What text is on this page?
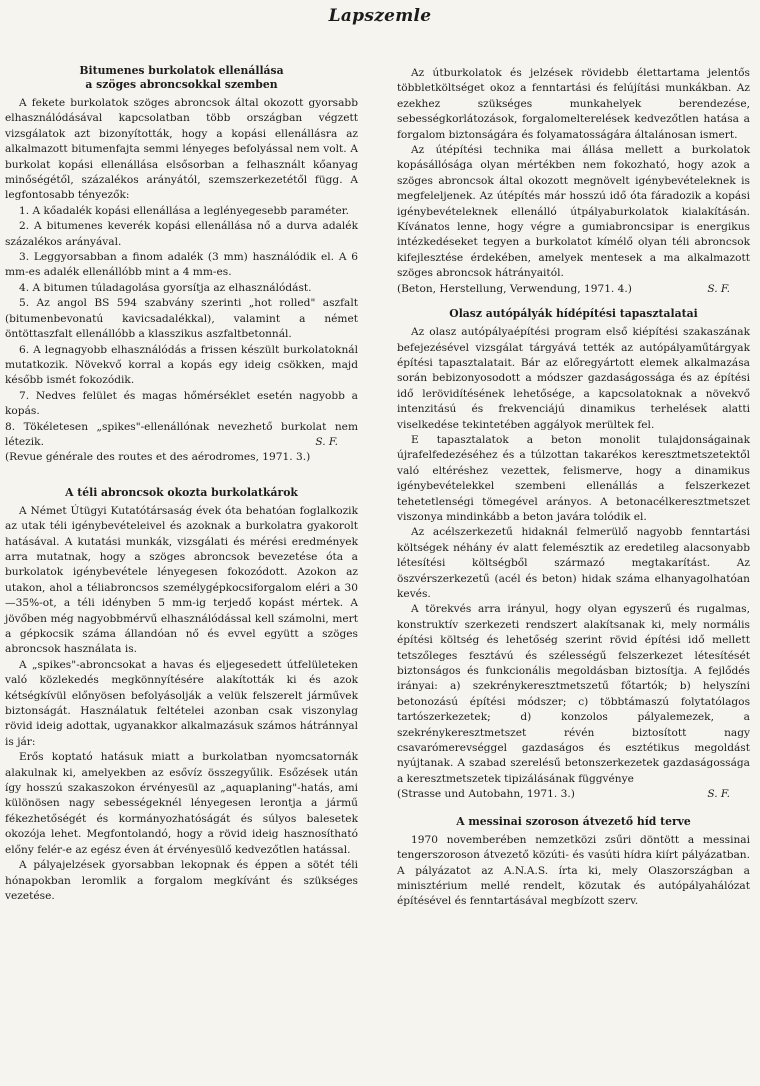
Lapszemle
Bitumenes burkolatok ellenállása
a szöges abroncsokkal szemben

A fekete burkolatok szöges abroncsok által okozott gyorsabb elhasználódásával kapcsolatban több országban végzett vizsgálatok azt bizonyították, hogy a kopási ellenállásra az alkalmazott bitumenfajta semmi lényeges befolyással nem volt. A burkolat kopási ellenállása elsősorban a felhasznált kőanyag minőségétől, százalékos arányától, szemszerkezetétől függ. A legfontosabb tényezők:

1. A kőadalék kopási ellenállása a leglényegesebb paraméter.

2. A bitumenes keverék kopási ellenállása nő a durva adalék százalékos arányával.

3. Leggyorsabban a finom adalék (3 mm) használódik el. A 6 mm-es adalék ellenállóbb mint a 4 mm-es.

4. A bitumen túladagolása gyorsítja az elhasználódást.

5. Az angol BS 594 szabvány szerinti „hot rolled" aszfalt (bitumenbevonatú kavicsadalékkal), valamint a német öntöttaszfalt ellenállóbb a klasszikus aszfaltbetonnál.

6. A legnagyobb elhasználódás a frissen készült burkolatoknál mutatkozik. Növekvő korral a kopás egy ideig csökken, majd később ismét fokozódik.

7. Nedves felület és magas hőmérséklet esetén nagyobb a kopás.

8. Tökéletesen „spikes"-ellenállónak nevezhető burkolat nem létezik.	S. F.

(Revue générale des routes et des aérodromes, 1971. 3.)

A téli abroncsok okozta burkolatkárok

A Német Útügyi Kutatótársaság évek óta behatóan foglalkozik az utak téli igénybevételeivel és azoknak a burkolatra gyakorolt hatásával. A kutatási munkák, vizsgálati és mérési eredmények arra mutatnak, hogy a szöges abroncsok bevezetése óta a burkolatok igénybevétele lényegesen fokozódott. Azokon az utakon, ahol a téliabroncsos személygépkocsiforgalom eléri a 30—35%-ot, a téli idényben 5 mm-ig terjedő kopást mértek. A jövőben még nagyobbmérvű elhasználódással kell számolni, mert a gépkocsik száma állandóan nő és evvel együtt a szöges abroncsok használata is.

A „spikes"-abroncsokat a havas és eljegesedett útfelületeken való közlekedés megkönnyítésére alakították ki és azok kétségkívül előnyösen befolyásolják a velük felszerelt járművek biztonságát. Használatuk feltételei azonban csak viszonylag rövid ideig adottak, ugyanakkor alkalmazásuk számos hátránnyal is jár:

Erős koptató hatásuk miatt a burkolatban nyomcsatornák alakulnak ki, amelyekben az esővíz összegyűlik. Esőzések után így hosszú szakaszokon érvényesül az „aquaplaning"-hatás, ami különösen nagy sebességeknél lényegesen lerontja a jármű fékezhetőségét és kormányozhatóságát és súlyos balesetek okozója lehet. Megfontolandó, hogy a rövid ideig hasznosítható előny felér-e az egész éven át érvényesülő kedvezőtlen hatással.

A pályajelzések gyorsabban lekopnak és éppen a sötét téli hónapokban leromlik a forgalom megkívánt és szükséges vezetése.

Az útburkolatok és jelzések rövidebb élettartama jelentős többletköltséget okoz a fenntartási és felújítási munkákban. Az ezekhez szükséges munkahelyek berendezése, sebességkorlátozások, forgalomelterelések kedvezőtlen hatása a forgalom biztonságára és folyamatosságára általánosan ismert.

Az útépítési technika mai állása mellett a burkolatok kopásállósága olyan mértékben nem fokozható, hogy azok a szöges abroncsok által okozott megnövelt igénybevételeknek is megfeleljenek. Az útépítés már hosszú idő óta fáradozik a kopási igénybevételeknek ellenálló útpályaburkolatok kialakításán. Kívánatos lenne, hogy végre a gumiabroncsipar is energikus intézkedéseket tegyen a burkolatot kímélő olyan téli abroncsok kifejlesztése érdekében, amelyek mentesek a ma alkalmazott szöges abroncsok hátrányaitól.

S. F.

(Beton, Herstellung, Verwendung, 1971. 4.)

Olasz autópályák hídépítési tapasztalatai

Az olasz autópályaépítési program első kiépítési szakaszának befejezésével vizsgálat tárgyává tették az autópályaműtárgyak építési tapasztalatait. Bár az előregyártott elemek alkalmazása során bebizonyosodott a módszer gazdaságossága és az építési idő lerövidítésének lehetősége, a kapcsolatoknak a növekvő intenzitású és frekvenciájú dinamikus terhelések alatti viselkedése tekintetében aggályok merültek fel.

E tapasztalatok a beton monolit tulajdonságainak újrafelfedezéséhez és a túlzottan takarékos keresztmetszetektől való eltéréshez vezettek, felismerve, hogy a dinamikus igénybevételekkel szembeni ellenállás a felszerkezet tehetetlenségi tömegével arányos. A betonacélkeresztmetszet viszonya mindinkább a beton javára tolódik el.

Az acélszerkezetű hidaknál felmerülő nagyobb fenntartási költségek néhány év alatt felemésztik az eredetileg alacsonyabb létesítési költségből származó megtakarítást. Az öszvérszerkezetű (acél és beton) hidak száma elhanyagolhatóan kevés.

A törekvés arra irányul, hogy olyan egyszerű és rugalmas, konstruktív szerkezeti rendszert alakítsanak ki, mely normális építési költség és lehetőség szerint rövid építési idő mellett tetszőleges fesztávú és szélességű felszerkezet létesítését biztonságos és funkcionális megoldásban biztosítja. A fejlődés irányai: a) szekrénykeresztmetszetű főtartók; b) helyszíni betonozású építési módszer; c) többtámaszú folytatólagos tartószerkezetek; d) konzolos pályalemezek, a szekrénykeresztmetszet révén biztosított nagy csavarómerevséggel gazdaságos és esztétikus megoldást nyújtanak. A szabad szerelésű betonszerkezetek gazdaságossága a keresztmetszetek tipizálásának függvénye

S. F.

(Strasse und Autobahn, 1971. 3.)

A messinai szoroson átvezető híd terve

1970 novemberében nemzetközi zsűri döntött a messinai tengerszoroson átvezető közúti- és vasúti hídra kiírt pályázatban. A pályázatot az A.N.A.S. írta ki, mely Olaszországban a minisztérium mellé rendelt, közutak és autópályahálózat építésével és fenntartásával megbízott szerv.
